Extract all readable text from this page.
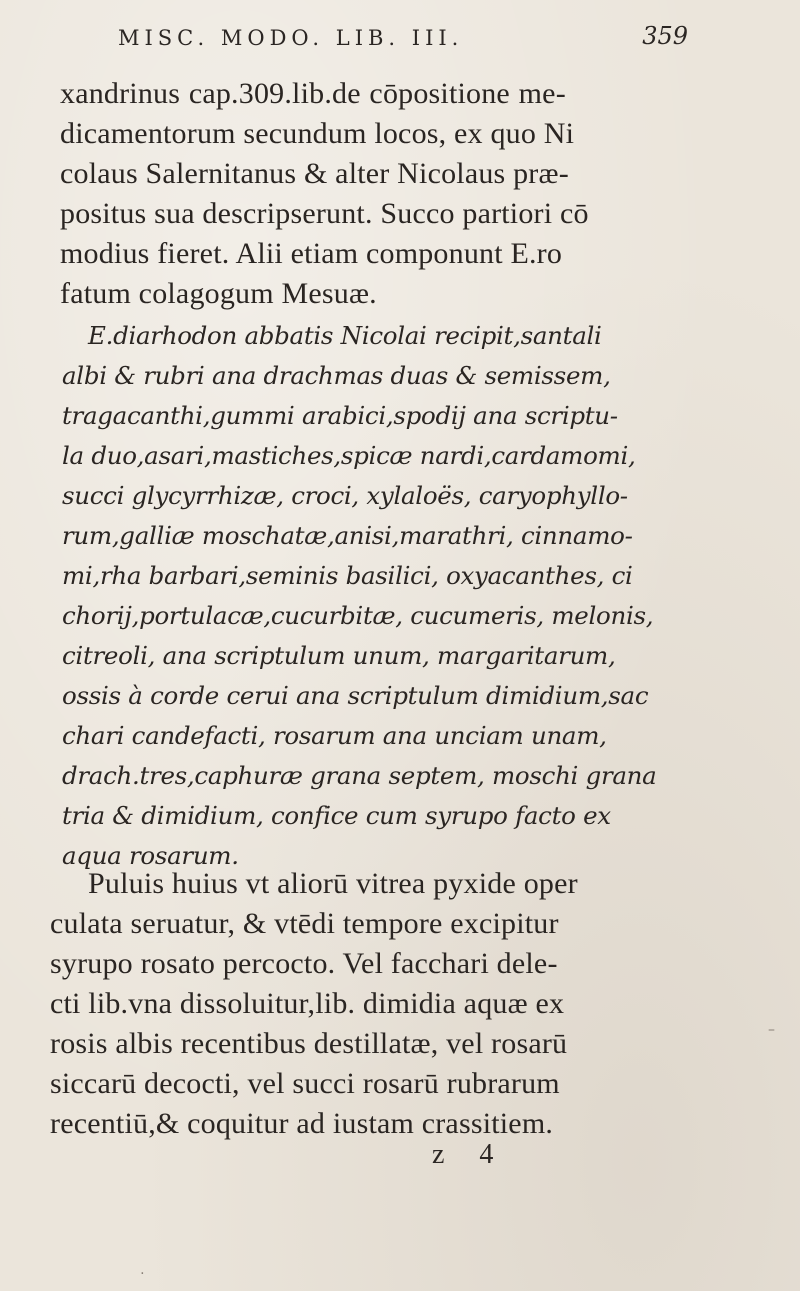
MISC. MODO. LIB. III.	359
xandrinus cap.309.lib.de cōpositione me-
dicamentorum secundum locos, ex quo Ni
colaus Salernitanus & alter Nicolaus præ-
positus sua descripserunt. Succo partiori cō
modius fieret. Alii etiam componunt E.ro
fatum colagogum Mesuæ.
E.diarhodon abbatis Nicolai recipit,santali
albi & rubri ana drachmas duas & semissem,
tragacanthi,gummi arabici,spodij ana scriptu-
la duo,asari,mastiches,spicæ nardi,cardamomi,
succi glycyrrhizæ, croci, xylaloës, caryophyllo-
rum,galliæ moschatæ,anisi,marathri, cinnamo-
mi,rha barbari,seminis basilici, oxyacanthes, ci
chorij,portulacæ,cucurbitæ, cucumeris, melonis,
citreoli, ana scriptulum unum, margaritarum,
ossis à corde cerui ana scriptulum dimidium,sac
chari candefacti, rosarum ana unciam unam,
drach.tres,caphuræ grana septem, moschi grana
tria & dimidium, confice cum syrupo facto ex
aqua rosarum.
Puluis huius vt aliorū vitrea pyxide oper
culata seruatur, & vtēdi tempore excipitur
syrupo rosato percocto. Vel facchari dele-
cti lib.vna dissoluitur,lib. dimidia aquæ ex
rosis albis recentibus destillatæ, vel rosarū
siccarū decocti, vel succi rosarū rubrarum
recentiū,& coquitur ad iustam crassitiem.
z 4
–
․
